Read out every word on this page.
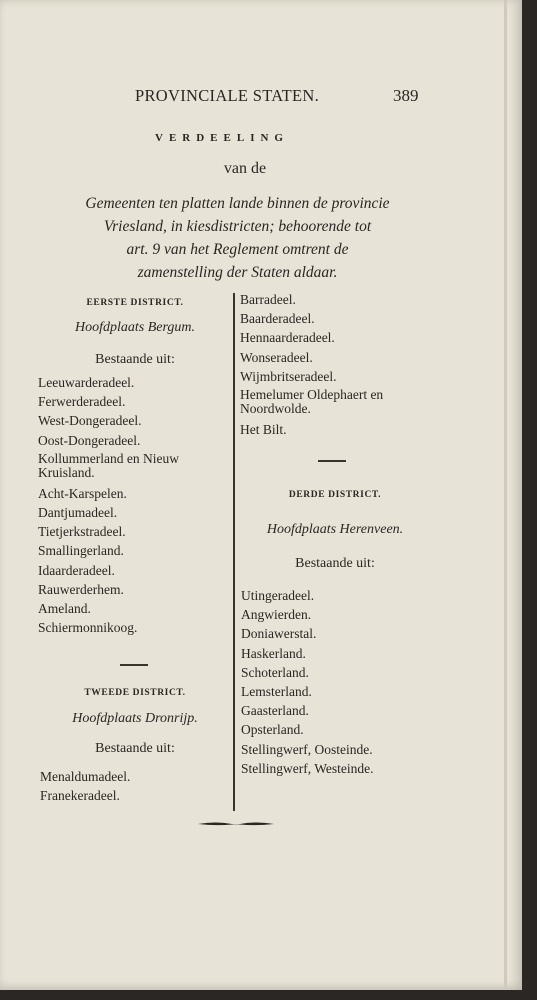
PROVINCIALE STATEN.	389
VERDEELING
van de
Gemeenten ten platten lande binnen de provincie
Vriesland, in kiesdistricten; behoorende tot
art. 9 van het Reglement omtrent de
zamenstelling der Staten aldaar.
EERSTE DISTRICT.
Hoofdplaats Bergum.
Bestaande uit:
Leeuwarderadeel.
Ferwerderadeel.
West-Dongeradeel.
Oost-Dongeradeel.
Kollummerland en Nieuw Kruisland.
Acht-Karspelen.
Dantjumadeel.
Tietjerkstradeel.
Smallingerland.
Idaarderadeel.
Rauwerderhem.
Ameland.
Schiermonnikoog.
TWEEDE DISTRICT.
Hoofdplaats Dronrijp.
Bestaande uit:
Menaldumadeel.
Franekeradeel.
Barradeel.
Baarderadeel.
Hennaarderadeel.
Wonseradeel.
Wijmbritseradeel.
Hemelumer Oldephaert en Noordwolde.
Het Bilt.
DERDE DISTRICT.
Hoofdplaats Herenveen.
Bestaande uit:
Utingeradeel.
Angwierden.
Doniawerstal.
Haskerland.
Schoterland.
Lemsterland.
Gaasterland.
Opsterland.
Stellingwerf, Oosteinde.
Stellingwerf, Westeinde.
